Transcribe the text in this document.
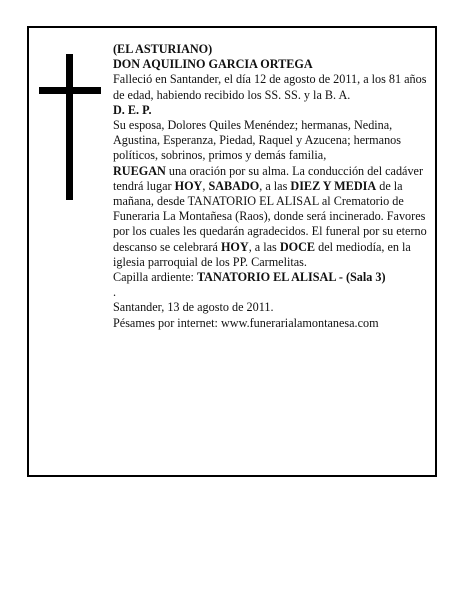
(EL ASTURIANO)

DON AQUILINO GARCIA ORTEGA

Falleció en Santander, el día 12 de agosto de 2011, a los 81 años de edad, habiendo recibido los SS. SS. y la B. A.

D. E. P.

Su esposa, Dolores Quiles Menéndez; hermanas, Nedina, Agustina, Esperanza, Piedad, Raquel y Azucena; hermanos políticos, sobrinos, primos y demás familia,

RUEGAN una oración por su alma. La conducción del cadáver tendrá lugar HOY, SABADO, a las DIEZ Y MEDIA de la mañana, desde TANATORIO EL ALISAL al Crematorio de Funeraria La Montañesa (Raos), donde será incinerado. Favores por los cuales les quedarán agradecidos. El funeral por su eterno descanso se celebrará HOY, a las DOCE del mediodía, en la iglesia parroquial de los PP. Carmelitas.

Capilla ardiente: TANATORIO EL ALISAL - (Sala 3)

.

Santander, 13 de agosto de 2011.

Pésames por internet: www.funerarialamontanesa.com
